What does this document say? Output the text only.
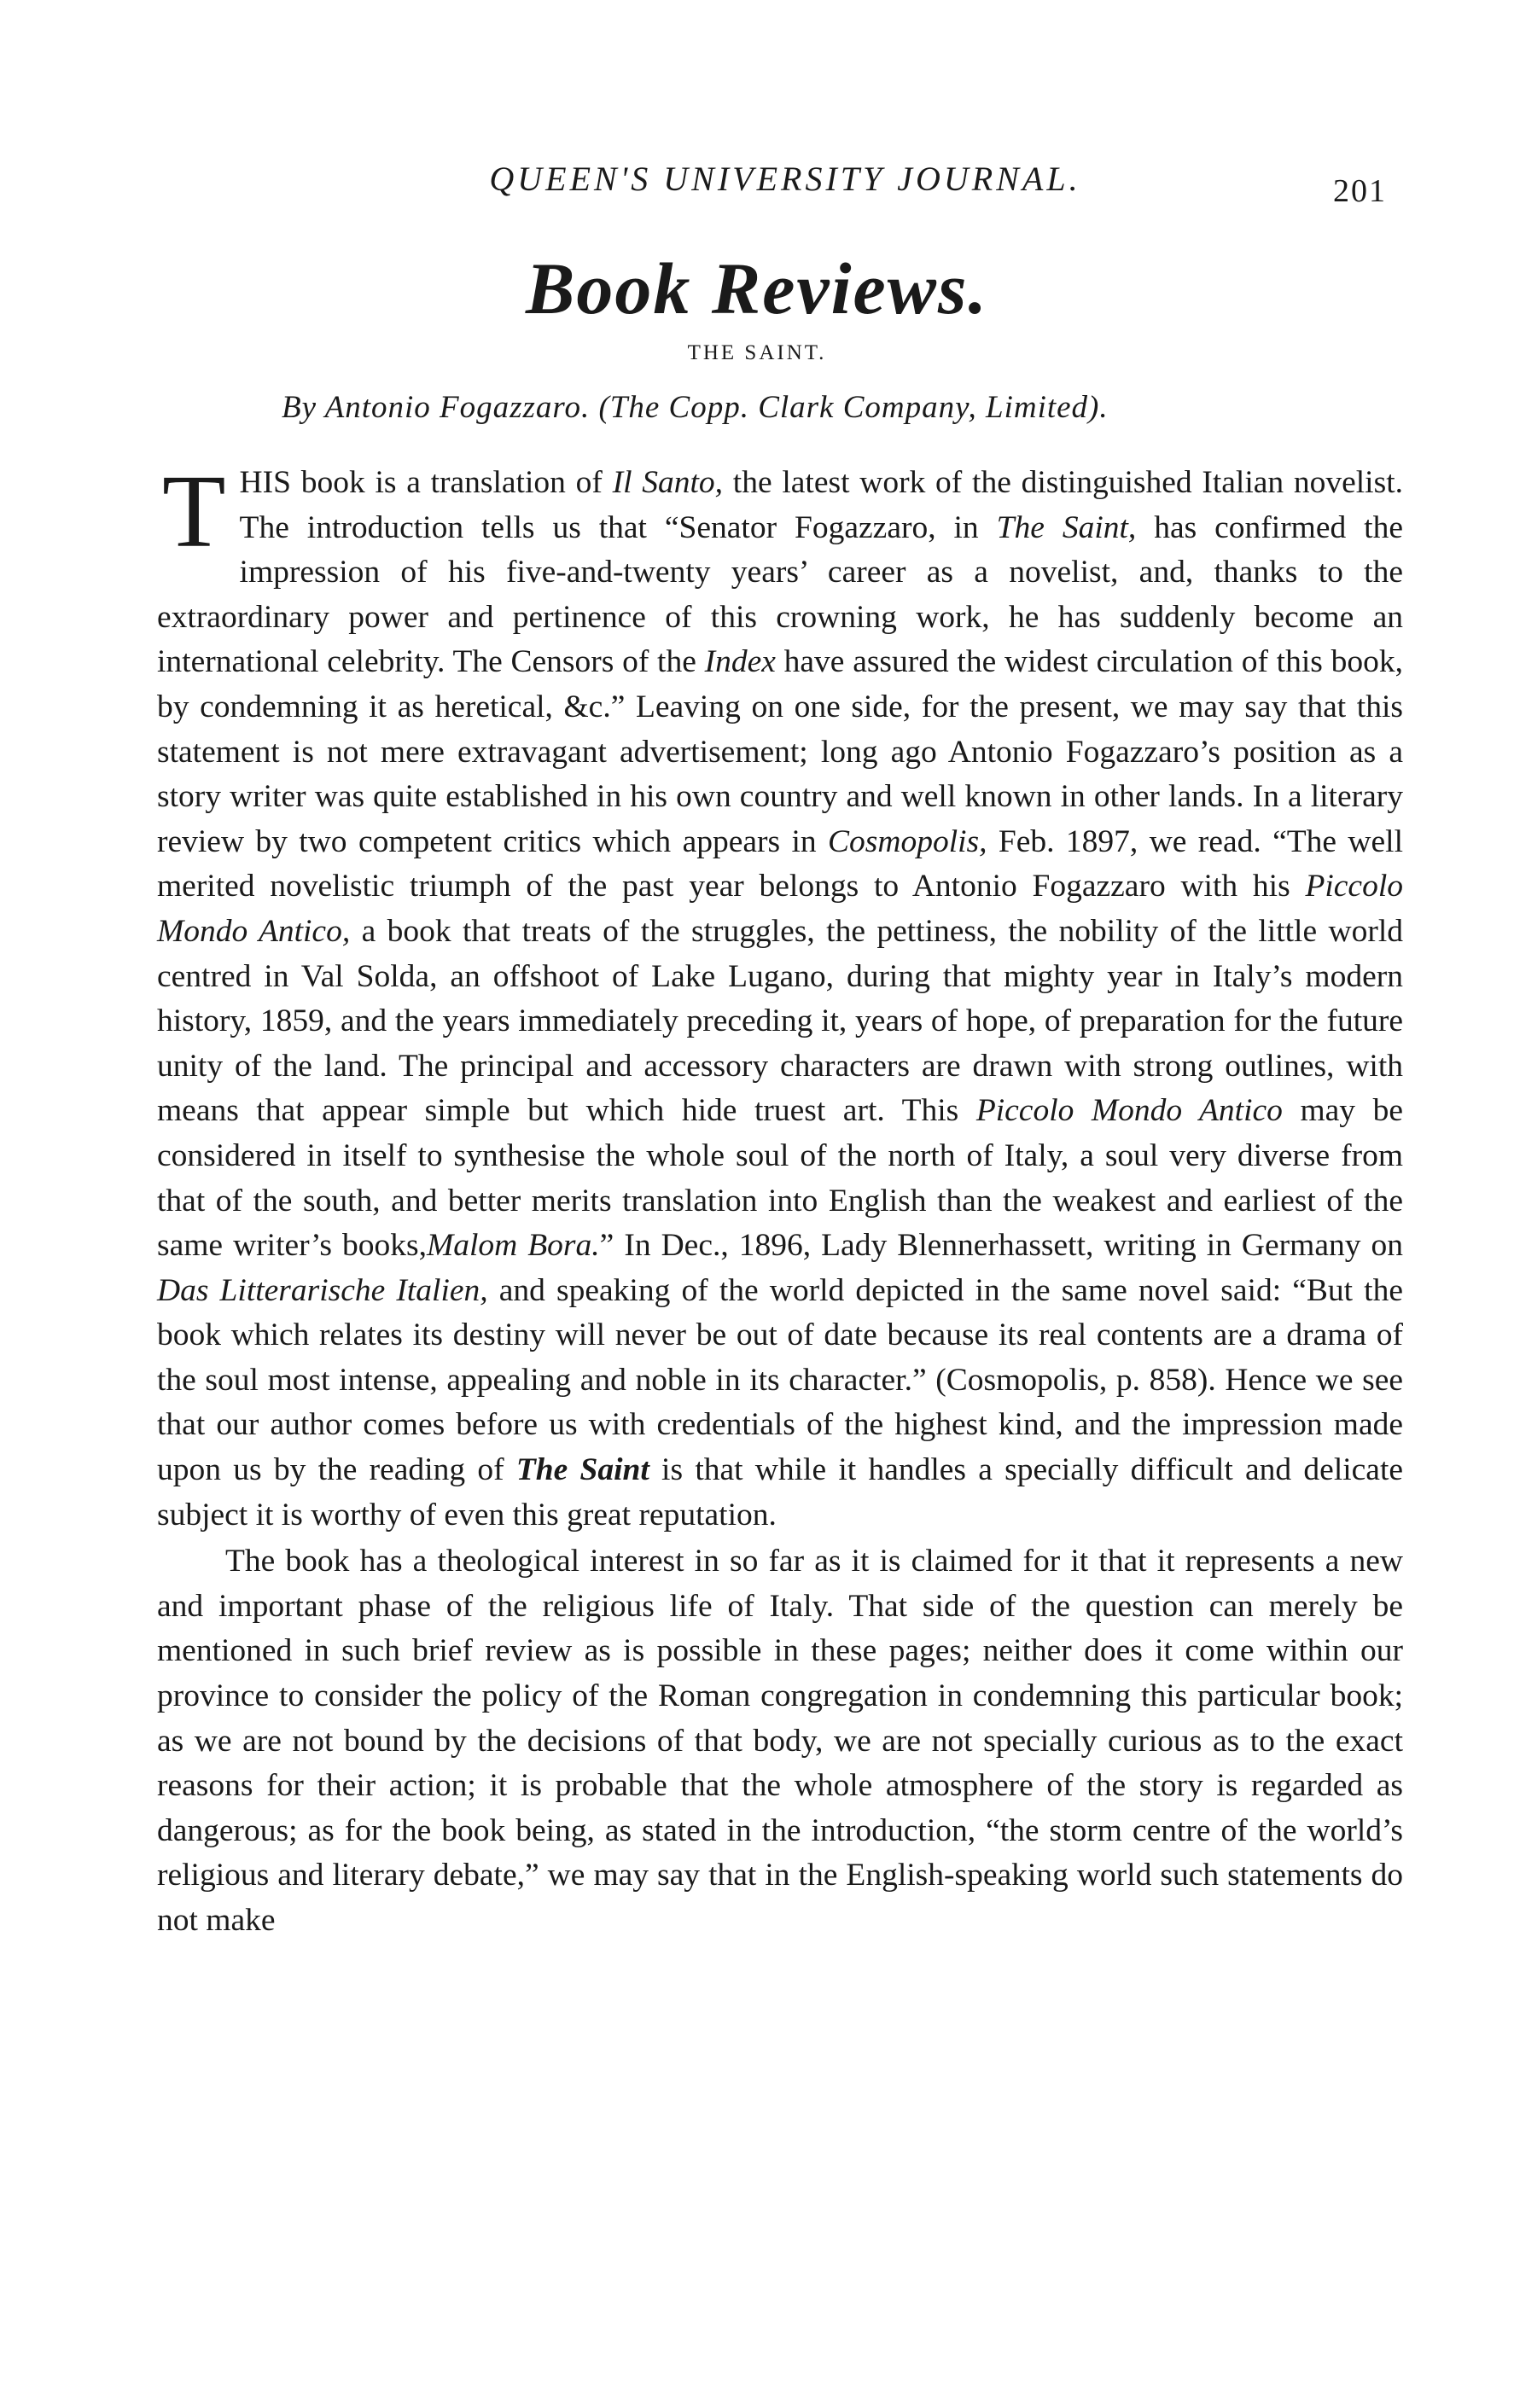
QUEEN'S UNIVERSITY JOURNAL.	201
Book Reviews.
THE SAINT.
By Antonio Fogazzaro. (The Copp. Clark Company, Limited).

THIS book is a translation of Il Santo, the latest work of the distinguished Italian novelist. The introduction tells us that “Senator Fogazzaro, in The Saint, has confirmed the impression of his five-and-twenty years’ career as a novelist, and, thanks to the extraordinary power and pertinence of this crowning work, he has suddenly become an international celebrity. The Censors of the Index have assured the widest circulation of this book, by condemning it as heretical, &c.” Leaving on one side, for the present, we may say that this statement is not mere extravagant advertisement; long ago Antonio Fogazzaro’s position as a story writer was quite established in his own country and well known in other lands. In a literary review by two competent critics which appears in Cosmopolis, Feb. 1897, we read. “The well merited novelistic triumph of the past year belongs to Antonio Fogazzaro with his Piccolo Mondo Antico, a book that treats of the struggles, the pettiness, the nobility of the little world centred in Val Solda, an offshoot of Lake Lugano, during that mighty year in Italy’s modern history, 1859, and the years immediately preceding it, years of hope, of preparation for the future unity of the land. The principal and accessory characters are drawn with strong outlines, with means that appear simple but which hide truest art. This Piccolo Mondo Antico may be considered in itself to synthesise the whole soul of the north of Italy, a soul very diverse from that of the south, and better merits translation into English than the weakest and earliest of the same writer’s books,Malom Bora.” In Dec., 1896, Lady Blennerhassett, writing in Germany on Das Litterarische Italien, and speaking of the world depicted in the same novel said: “But the book which relates its destiny will never be out of date because its real contents are a drama of the soul most intense, appealing and noble in its character.” (Cosmopolis, p. 858). Hence we see that our author comes before us with credentials of the highest kind, and the impression made upon us by the reading of The Saint is that while it handles a specially difficult and delicate subject it is worthy of even this great reputation.

The book has a theological interest in so far as it is claimed for it that it represents a new and important phase of the religious life of Italy. That side of the question can merely be mentioned in such brief review as is possible in these pages; neither does it come within our province to consider the policy of the Roman congregation in condemning this particular book; as we are not bound by the decisions of that body, we are not specially curious as to the exact reasons for their action; it is probable that the whole atmosphere of the story is regarded as dangerous; as for the book being, as stated in the introduction, “the storm centre of the world’s religious and literary debate,” we may say that in the English-speaking world such statements do not make
